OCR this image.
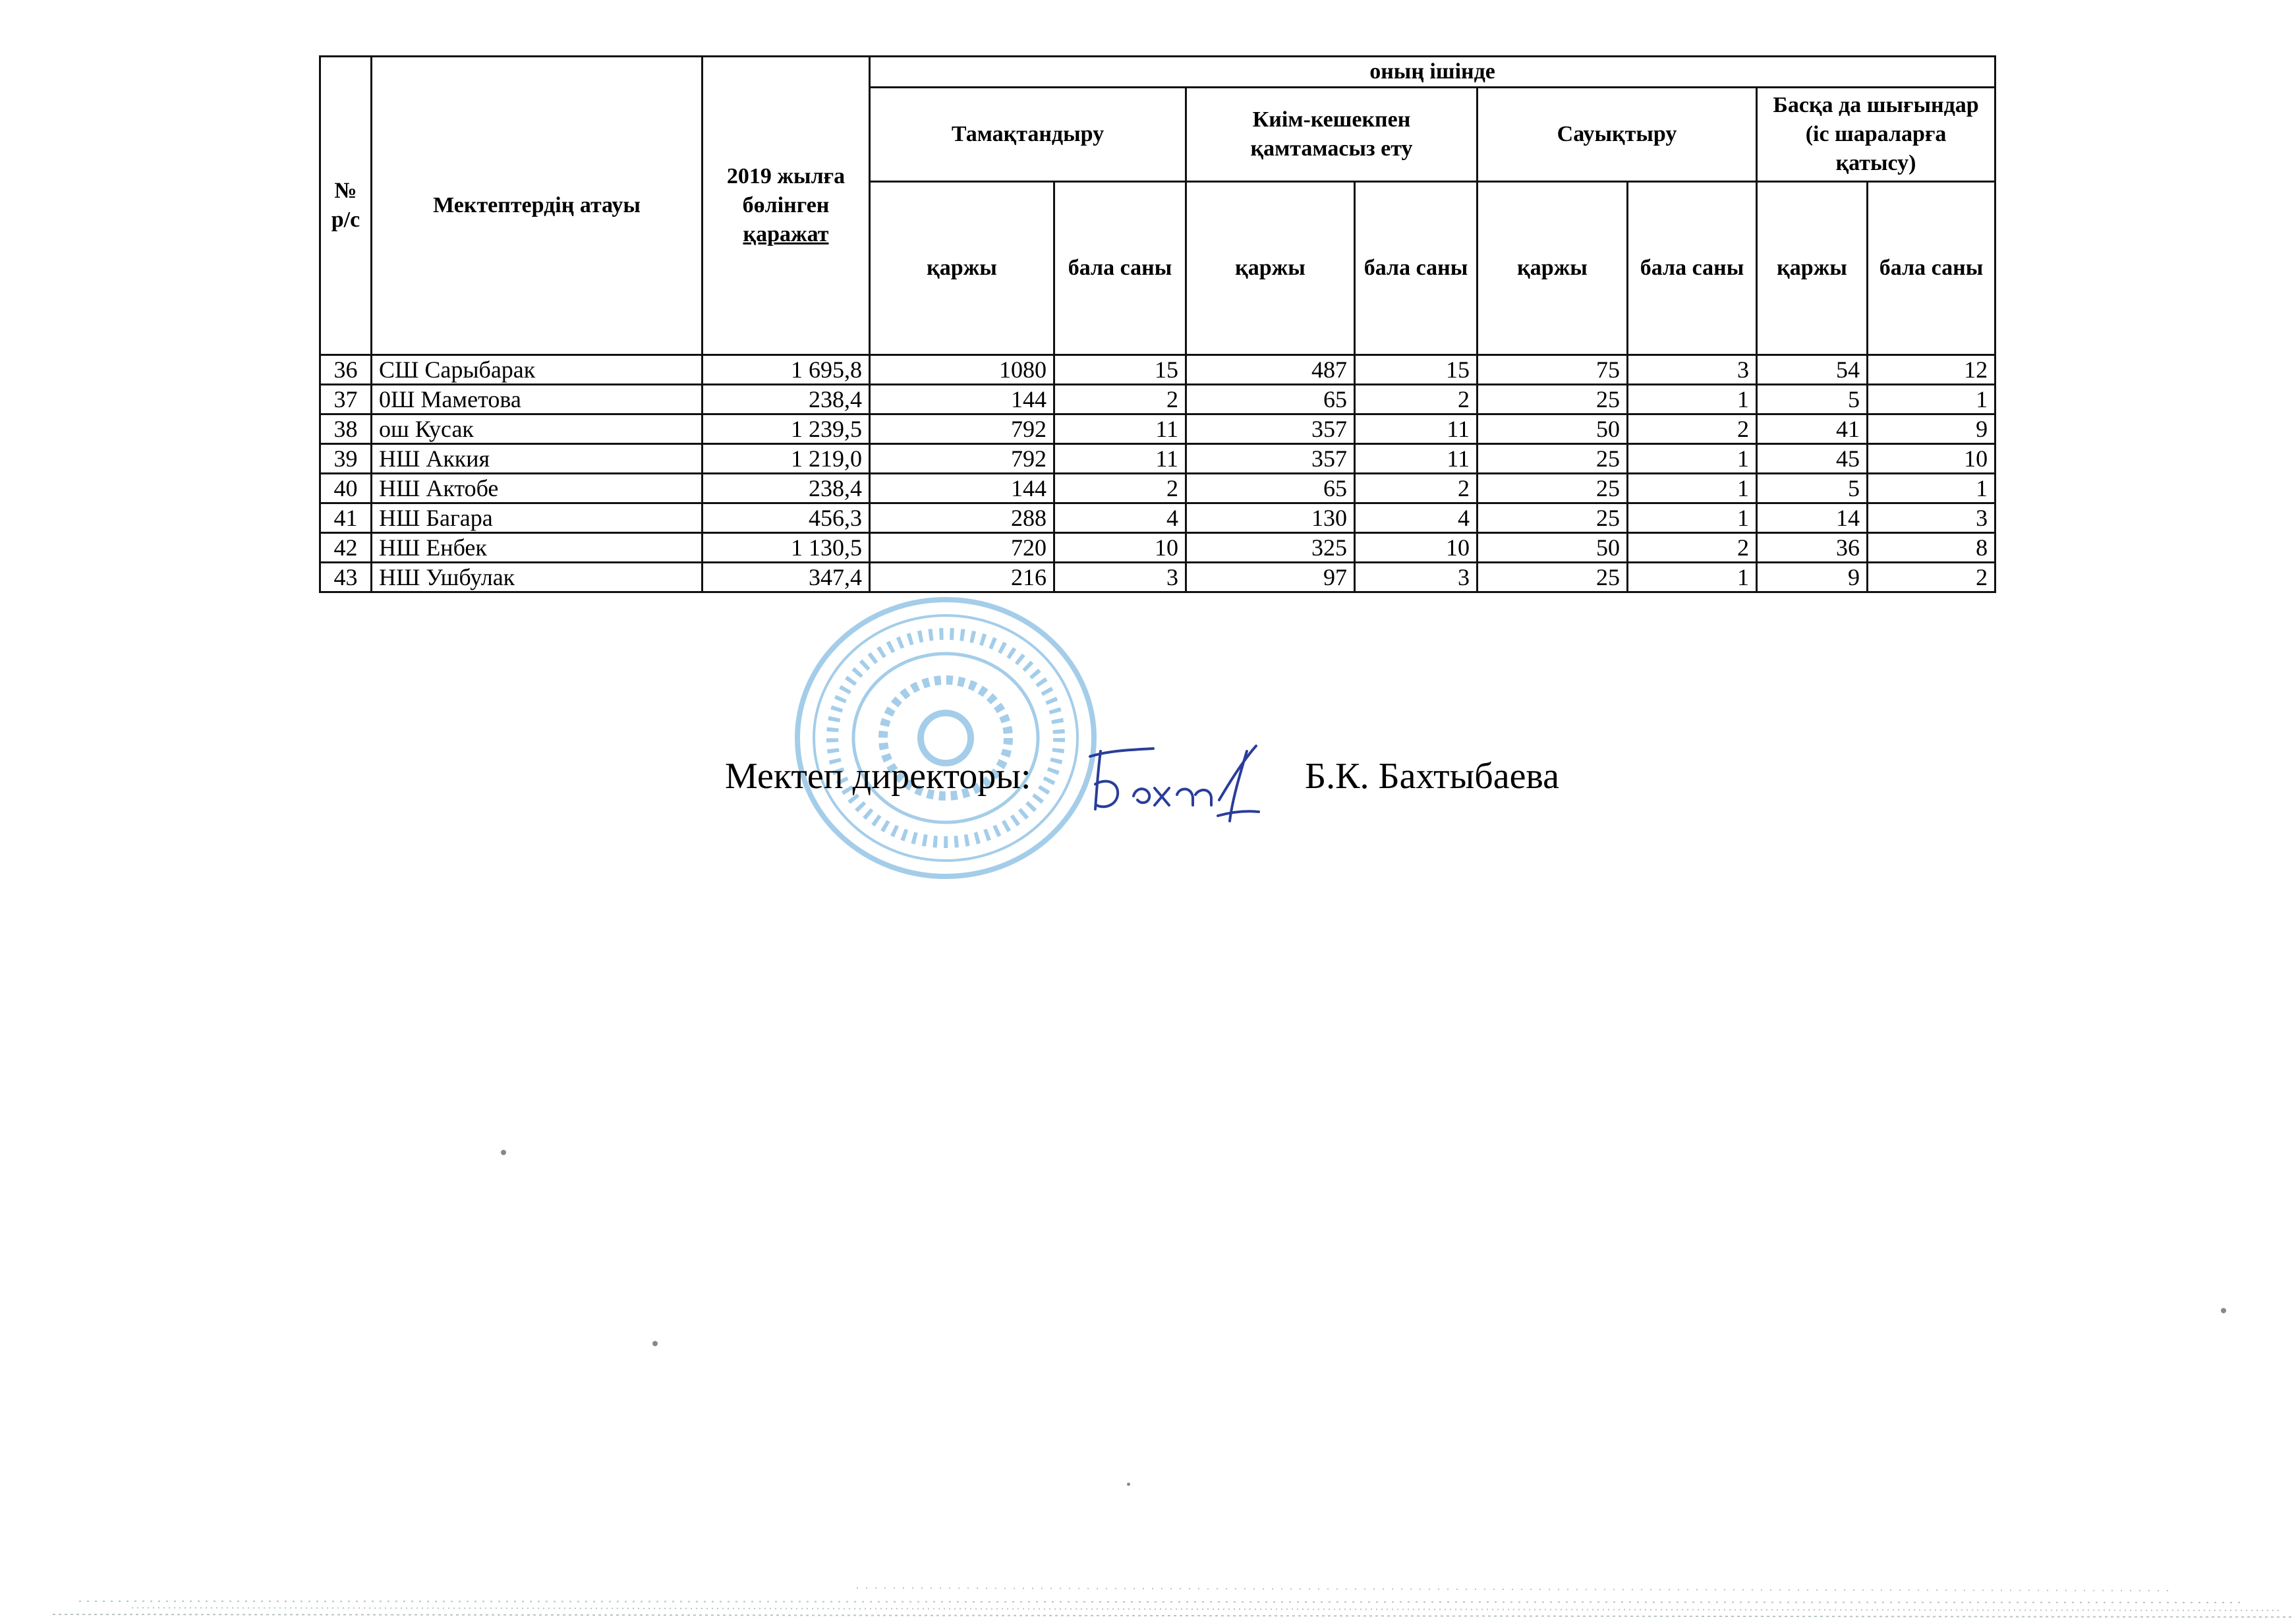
№ р/с	Мектептердің атауы	2019 жылға
бөлінген
қаражат	оның ішінде							
			Тамақтандыру		Киім-кешекпен қамтамасыз ету		Сауықтыру		Басқа да шығындар (іс шараларға қатысу)	
			қаржы	бала саны	қаржы	бала саны	қаржы	бала саны	қаржы	бала саны
36	СШ Сарыбарак	1 695,8	1080	15	487	15	75	3	54	12
37	0Ш Маметова	238,4	144	2	65	2	25	1	5	1
38	ош Кусак	1 239,5	792	11	357	11	50	2	41	9
39	НШ Аккия	1 219,0	792	11	357	11	25	1	45	10
40	НШ Актобе	238,4	144	2	65	2	25	1	5	1
41	НШ Багара	456,3	288	4	130	4	25	1	14	3
42	НШ Енбек	1 130,5	720	10	325	10	50	2	36	8
43	НШ Ушбулак	347,4	216	3	97	3	25	1	9	2
Мектеп директоры:	Б.К. Бахтыбаева
